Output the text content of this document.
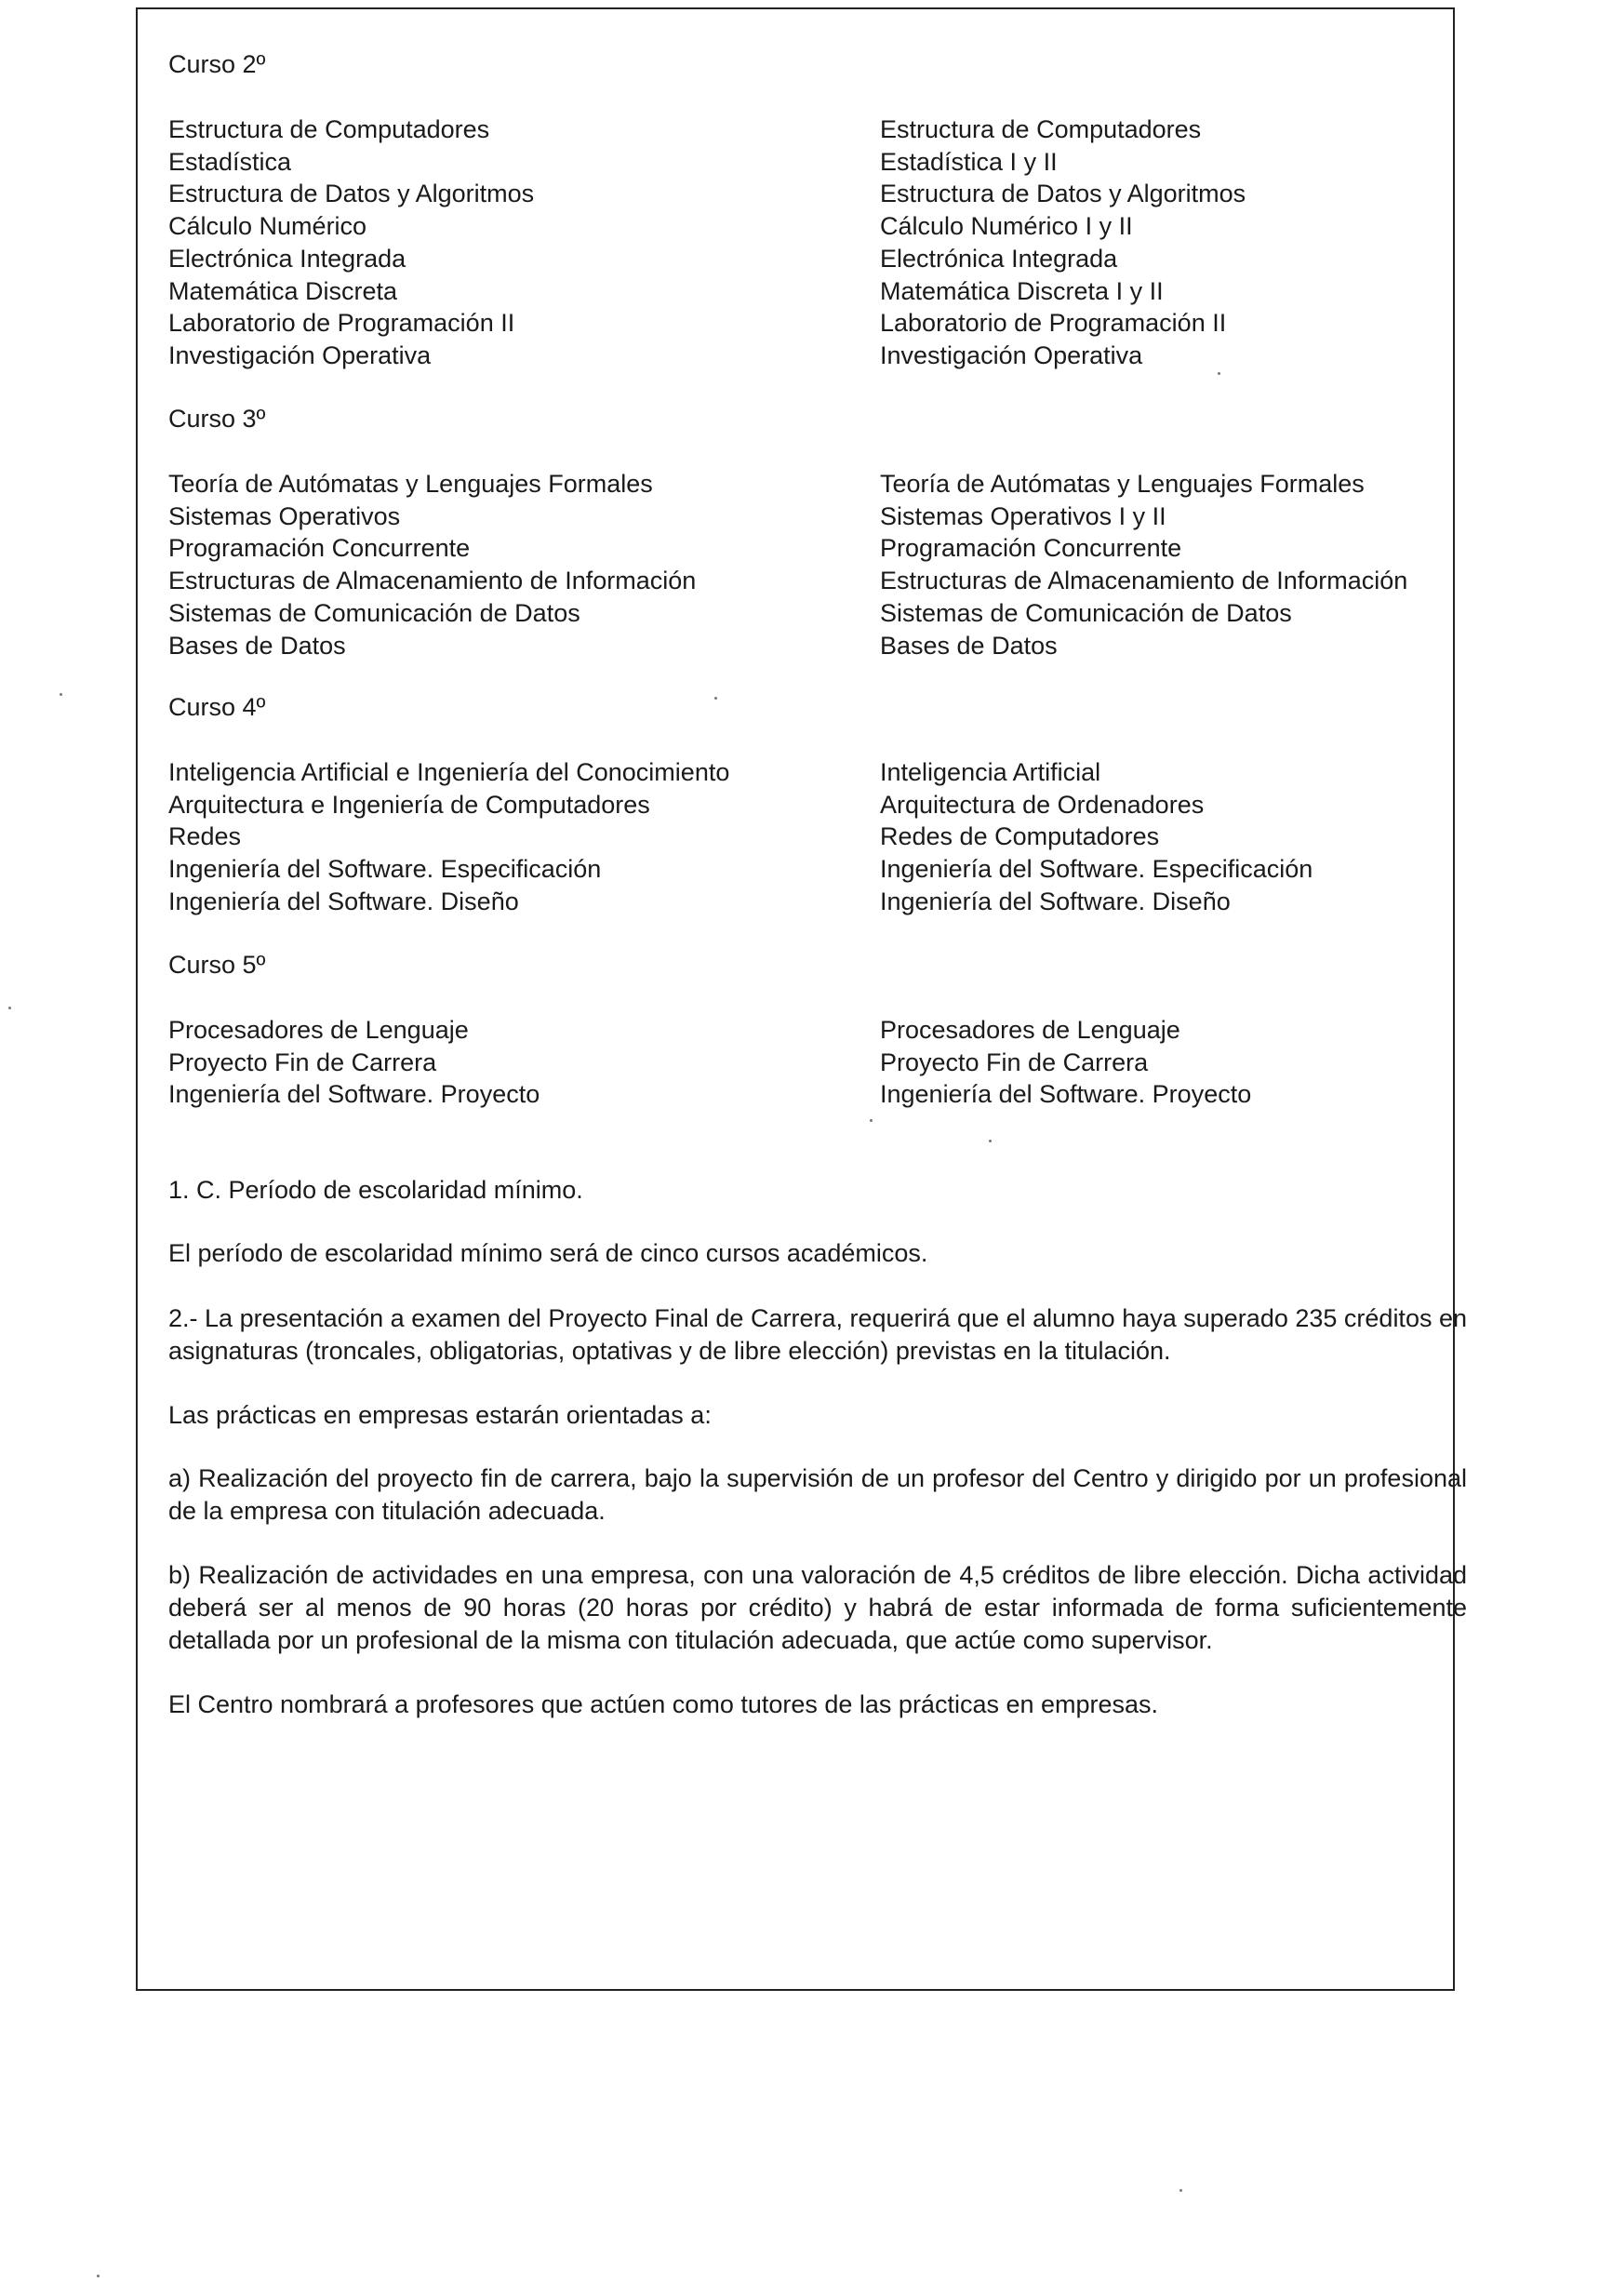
Curso 2º

Estructura de Computadores
Estadística
Estructura de Datos y Algoritmos
Cálculo Numérico
Electrónica Integrada
Matemática Discreta
Laboratorio de Programación II
Investigación Operativa
Estructura de Computadores
Estadística I y II
Estructura de Datos y Algoritmos
Cálculo Numérico I y II
Electrónica Integrada
Matemática Discreta I y II
Laboratorio de Programación II
Investigación Operativa

Curso 3º

Teoría de Autómatas y Lenguajes Formales
Sistemas Operativos
Programación Concurrente
Estructuras de Almacenamiento de Información
Sistemas de Comunicación de Datos
Bases de Datos
Teoría de Autómatas y Lenguajes Formales
Sistemas Operativos I y II
Programación Concurrente
Estructuras de Almacenamiento de Información
Sistemas de Comunicación de Datos
Bases de Datos

Curso 4º

Inteligencia Artificial e Ingeniería del Conocimiento
Arquitectura e Ingeniería de Computadores
Redes
Ingeniería del Software. Especificación
Ingeniería del Software. Diseño
Inteligencia Artificial
Arquitectura de Ordenadores
Redes de Computadores
Ingeniería del Software. Especificación
Ingeniería del Software. Diseño

Curso 5º

Procesadores de Lenguaje
Proyecto Fin de Carrera
Ingeniería del Software. Proyecto
Procesadores de Lenguaje
Proyecto Fin de Carrera
Ingeniería del Software. Proyecto

1. C. Período de escolaridad mínimo.

El período de escolaridad mínimo será de cinco cursos académicos.

2.- La presentación a examen del Proyecto Final de Carrera, requerirá que el alumno haya superado 235 créditos en asignaturas (troncales, obligatorias, optativas y de libre elección) previstas en la titulación.

Las prácticas en empresas estarán orientadas a:

a) Realización del proyecto fin de carrera, bajo la supervisión de un profesor del Centro y dirigido por un profesional de la empresa con titulación adecuada.

b) Realización de actividades en una empresa, con una valoración de 4,5 créditos de libre elección. Dicha actividad deberá ser al menos de 90 horas (20 horas por crédito) y habrá de estar informada de forma suficientemente detallada por un profesional de la misma con titulación adecuada, que actúe como supervisor.

El Centro nombrará a profesores que actúen como tutores de las prácticas en empresas.
